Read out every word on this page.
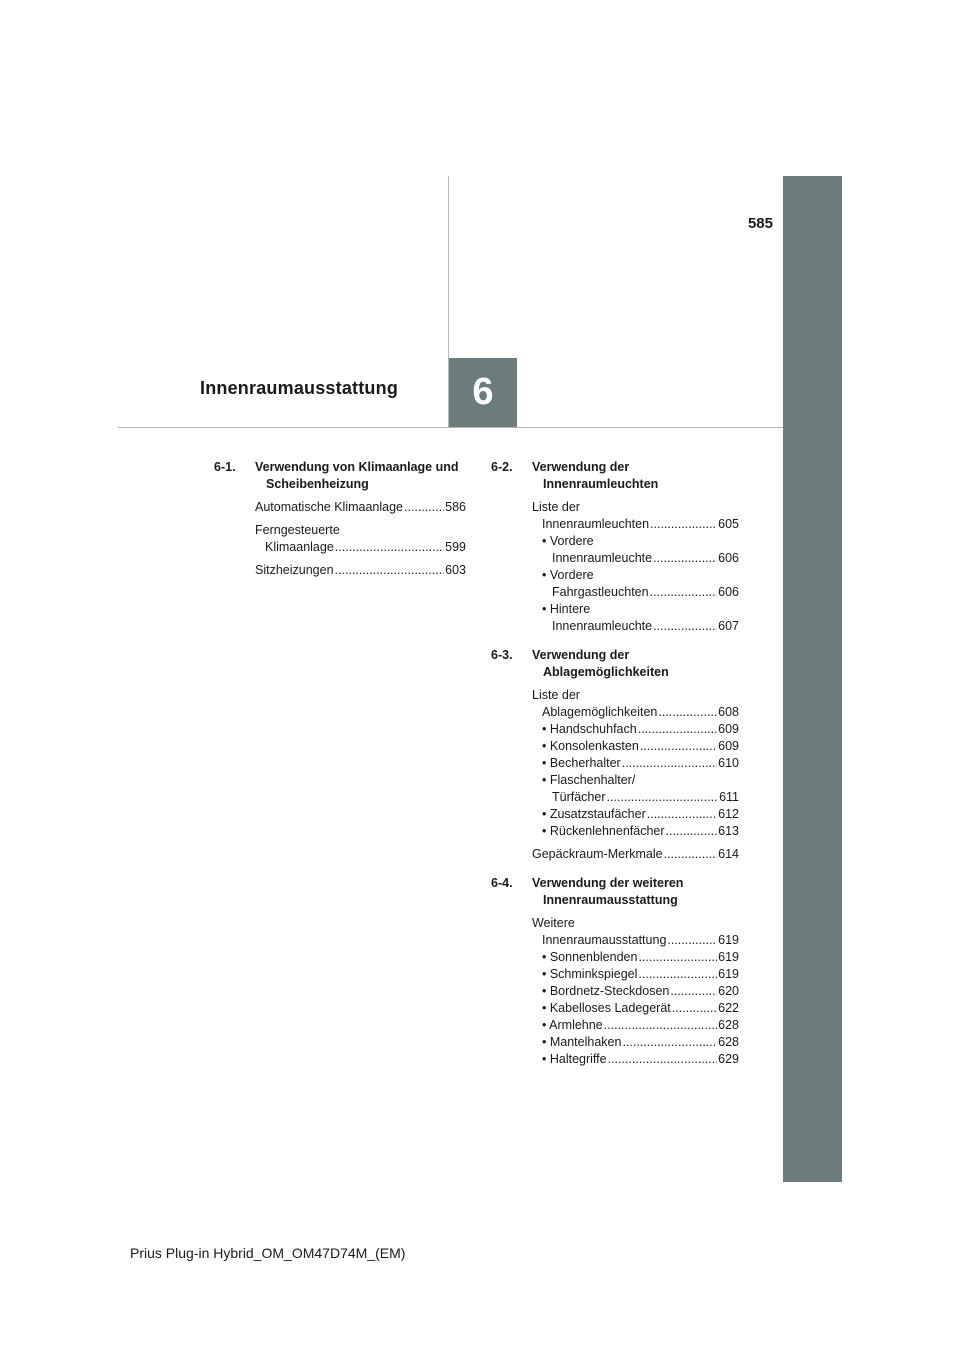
585
Innenraumausstattung	6
6-1.	Verwendung von Klimaanlage und Scheibenheizung
Automatische Klimaanlage .....	586
Ferngesteuerte
Klimaanlage .....	599
Sitzheizungen .....	603
6-2.	Verwendung der Innenraumleuchten
Liste der
Innenraumleuchten .....	605
• Vordere
Innenraumleuchte .....	606
• Vordere
Fahrgastleuchten .....	606
• Hintere
Innenraumleuchte .....	607
6-3.	Verwendung der Ablagemöglichkeiten
Liste der
Ablagemöglichkeiten .....	608
• Handschuhfach .....	609
• Konsolenkasten .....	609
• Becherhalter .....	610
• Flaschenhalter/
Türfächer .....	611
• Zusatzstaufächer .....	612
• Rückenlehnenfächer .....	613
Gepäckraum-Merkmale .....	614
6-4.	Verwendung der weiteren Innenraumausstattung
Weitere
Innenraumausstattung .....	619
• Sonnenblenden .....	619
• Schminkspiegel .....	619
• Bordnetz-Steckdosen .....	620
• Kabelloses Ladegerät .....	622
• Armlehne .....	628
• Mantelhaken .....	628
• Haltegriffe .....	629
Prius Plug-in Hybrid_OM_OM47D74M_(EM)
